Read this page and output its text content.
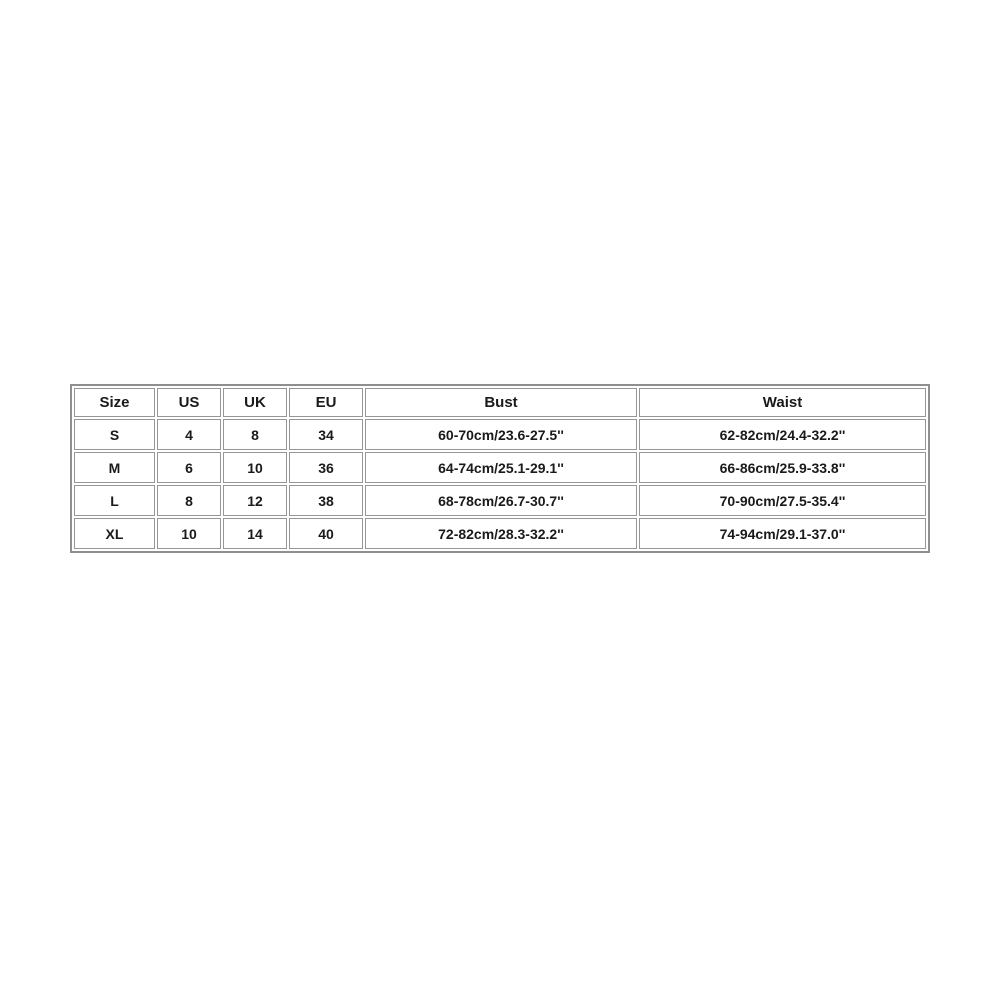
Size	US	UK	EU	Bust	Waist
S	4	8	34	60-70cm/23.6-27.5''	62-82cm/24.4-32.2''
M	6	10	36	64-74cm/25.1-29.1''	66-86cm/25.9-33.8''
L	8	12	38	68-78cm/26.7-30.7''	70-90cm/27.5-35.4''
XL	10	14	40	72-82cm/28.3-32.2''	74-94cm/29.1-37.0''
